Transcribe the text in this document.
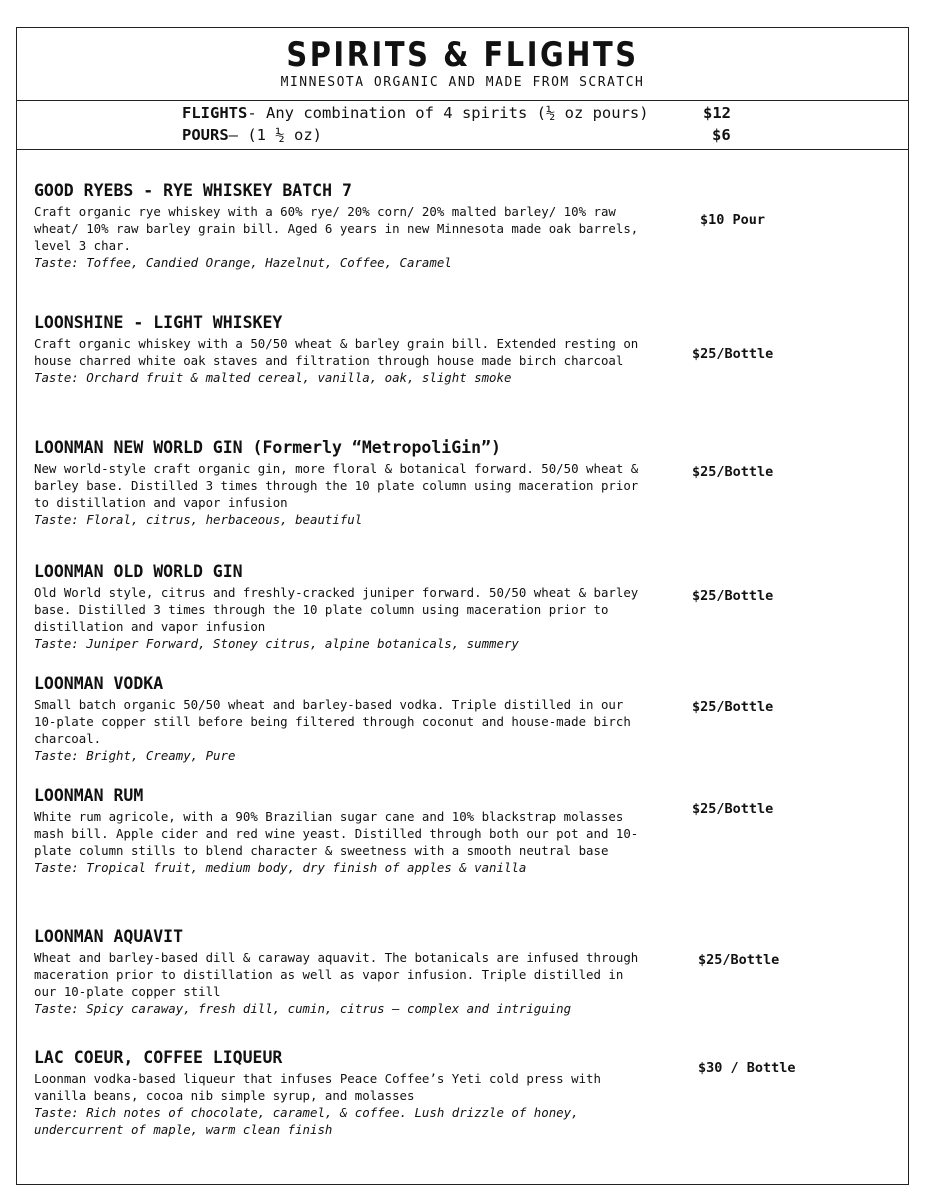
SPIRITS & FLIGHTS
MINNESOTA ORGANIC AND MADE FROM SCRATCH
FLIGHTS- Any combination of 4 spirits (½ oz pours)	$12
POURS– (1 ½ oz)	$6
GOOD RYEBS - RYE WHISKEY BATCH 7
Craft organic rye whiskey with a 60% rye/ 20% corn/ 20% malted barley/ 10% raw wheat/ 10% raw barley grain bill. Aged 6 years in new Minnesota made oak barrels, level 3 char.
Taste: Toffee, Candied Orange, Hazelnut, Coffee, Caramel
$10 Pour
LOONSHINE - LIGHT WHISKEY
Craft organic whiskey with a 50/50 wheat & barley grain bill. Extended resting on house charred white oak staves and filtration through house made birch charcoal
Taste: Orchard fruit & malted cereal, vanilla, oak, slight smoke
$25/Bottle
LOONMAN NEW WORLD GIN (Formerly “MetropoliGin”)
New world-style craft organic gin, more floral & botanical forward. 50/50 wheat & barley base. Distilled 3 times through the 10 plate column using maceration prior to distillation and vapor infusion
Taste: Floral, citrus, herbaceous, beautiful
$25/Bottle
LOONMAN OLD WORLD GIN
Old World style, citrus and freshly-cracked juniper forward. 50/50 wheat & barley base. Distilled 3 times through the 10 plate column using maceration prior to distillation and vapor infusion
Taste: Juniper Forward, Stoney citrus, alpine botanicals, summery
$25/Bottle
LOONMAN VODKA
Small batch organic 50/50 wheat and barley-based vodka. Triple distilled in our 10-plate copper still before being filtered through coconut and house-made birch charcoal.
Taste: Bright, Creamy, Pure
$25/Bottle
LOONMAN RUM
White rum agricole, with a 90% Brazilian sugar cane and 10% blackstrap molasses mash bill. Apple cider and red wine yeast. Distilled through both our pot and 10-plate column stills to blend character & sweetness with a smooth neutral base
Taste: Tropical fruit, medium body, dry finish of apples & vanilla
$25/Bottle
LOONMAN AQUAVIT
Wheat and barley-based dill & caraway aquavit. The botanicals are infused through maceration prior to distillation as well as vapor infusion. Triple distilled in our 10-plate copper still
Taste: Spicy caraway, fresh dill, cumin, citrus — complex and intriguing
$25/Bottle
LAC COEUR, COFFEE LIQUEUR
Loonman vodka-based liqueur that infuses Peace Coffee’s Yeti cold press with vanilla beans, cocoa nib simple syrup, and molasses
Taste: Rich notes of chocolate, caramel, & coffee. Lush drizzle of honey, undercurrent of maple, warm clean finish
$30 / Bottle
